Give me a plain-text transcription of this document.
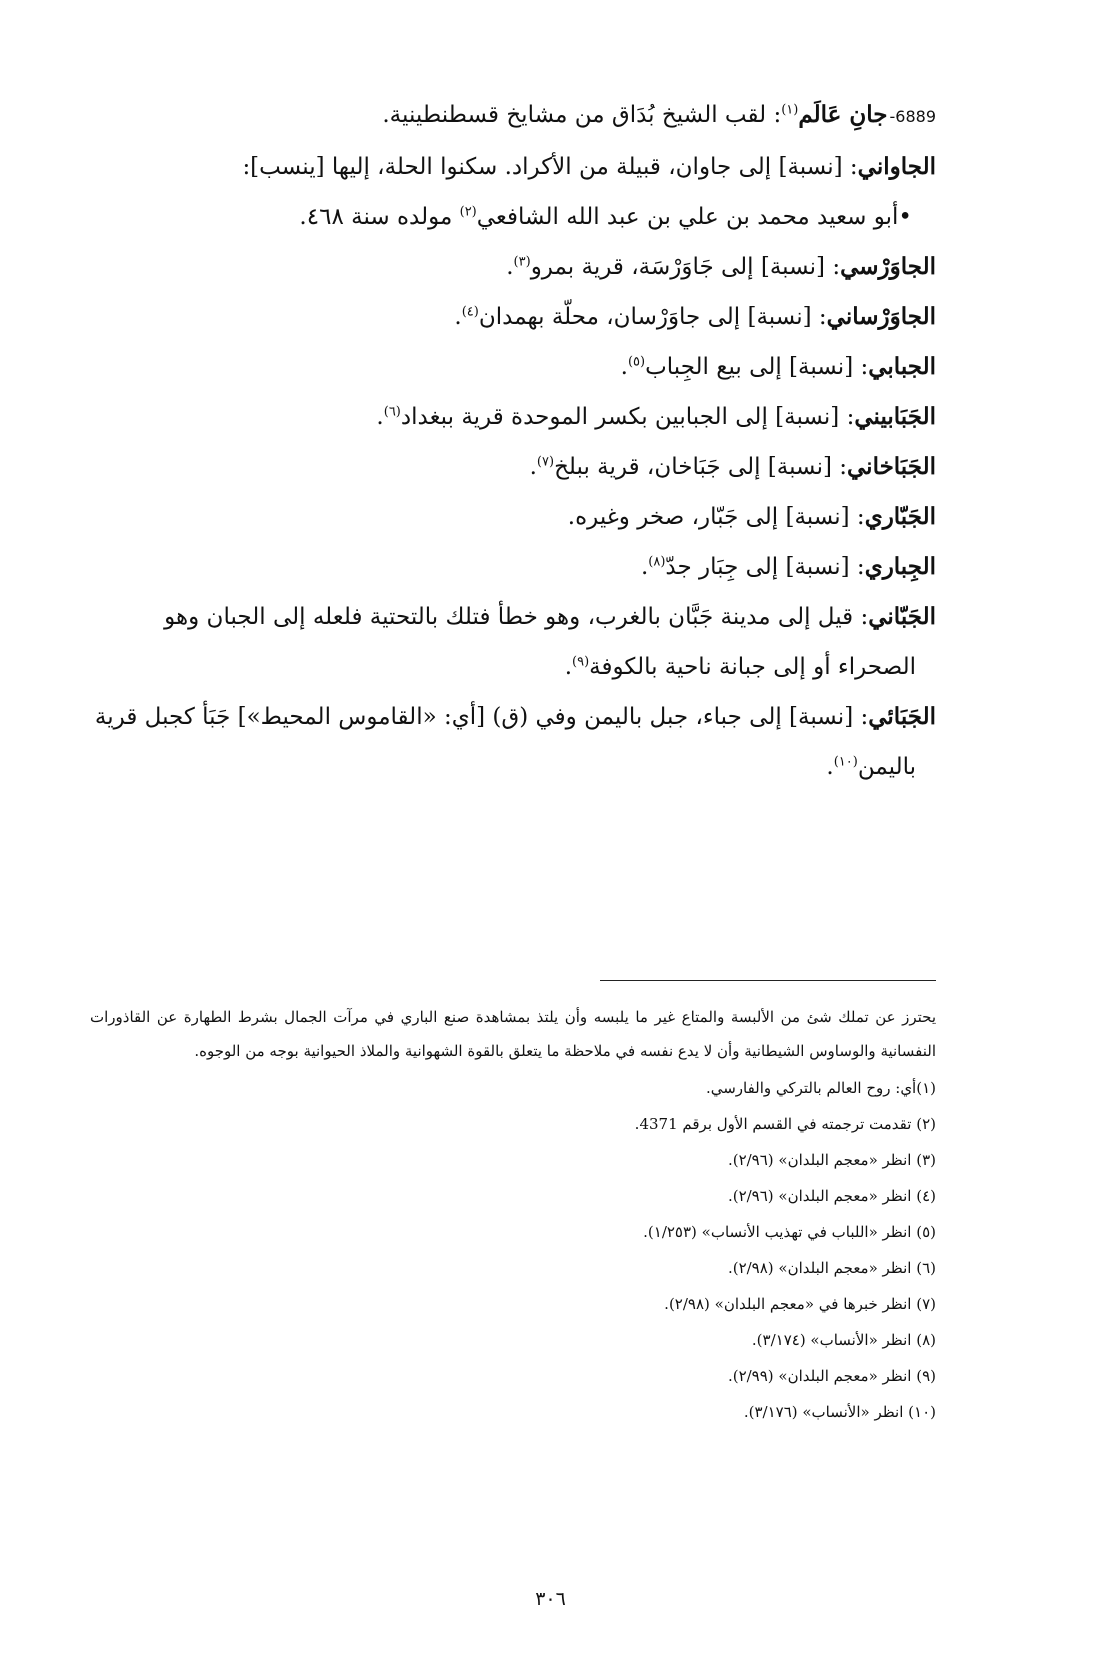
6889-جانِ عَالَم$^{(١)}$: لقب الشيخ بُدَاق من مشايخ قسطنطينية.

الجاواني: [نسبة] إلى جاوان، قبيلة من الأكراد. سكنوا الحلة، إليها [ينسب]:

•أبو سعيد محمد بن علي بن عبد الله الشافعي$^{(٢)}$ مولده سنة ٤٦٨.

الجاوَرْسي: [نسبة] إلى جَاوَرْسَة، قرية بمرو$^{(٣)}$.

الجاوَرْساني: [نسبة] إلى جاوَرْسان، محلّة بهمدان$^{(٤)}$.

الجبابي: [نسبة] إلى بيع الجِباب$^{(٥)}$.

الجَبَابيني: [نسبة] إلى الجبابين بكسر الموحدة قرية ببغداد$^{(٦)}$.

الجَبَاخاني: [نسبة] إلى جَبَاخان، قرية ببلخ$^{(٧)}$.

الجَبّاري: [نسبة] إلى جَبّار، صخر وغيره.

الجِباري: [نسبة] إلى جِبَار جدّ$^{(٨)}$.

الجَبّاني: قيل إلى مدينة جَبَّان بالغرب، وهو خطأ فتلك بالتحتية فلعله إلى الجبان وهو
الصحراء أو إلى جبانة ناحية بالكوفة$^{(٩)}$.

الجَبَائي: [نسبة] إلى جباء، جبل باليمن وفي (ق) [أي: «القاموس المحيط»] جَبَأ كجبل قرية
باليمن$^{(١٠)}$.

يحترز عن تملك شئ من الألبسة والمتاع غير ما يلبسه وأن يلتذ بمشاهدة صنع الباري في مرآت الجمال بشرط الطهارة عن القاذورات النفسانية والوساوس الشيطانية وأن لا يدع نفسه في ملاحظة ما يتعلق بالقوة الشهوانية والملاذ الحيوانية بوجه من الوجوه.

(١)أي: روح العالم بالتركي والفارسي.

(٢) تقدمت ترجمته في القسم الأول برقم 4371.

(٣) انظر «معجم البلدان» (٢/٩٦).

(٤) انظر «معجم البلدان» (٢/٩٦).

(٥) انظر «اللباب في تهذيب الأنساب» (١/٢٥٣).

(٦) انظر «معجم البلدان» (٢/٩٨).

(٧) انظر خبرها في «معجم البلدان» (٢/٩٨).

(٨) انظر «الأنساب» (٣/١٧٤).

(٩) انظر «معجم البلدان» (٢/٩٩).

(١٠) انظر «الأنساب» (٣/١٧٦).

٣٠٦
